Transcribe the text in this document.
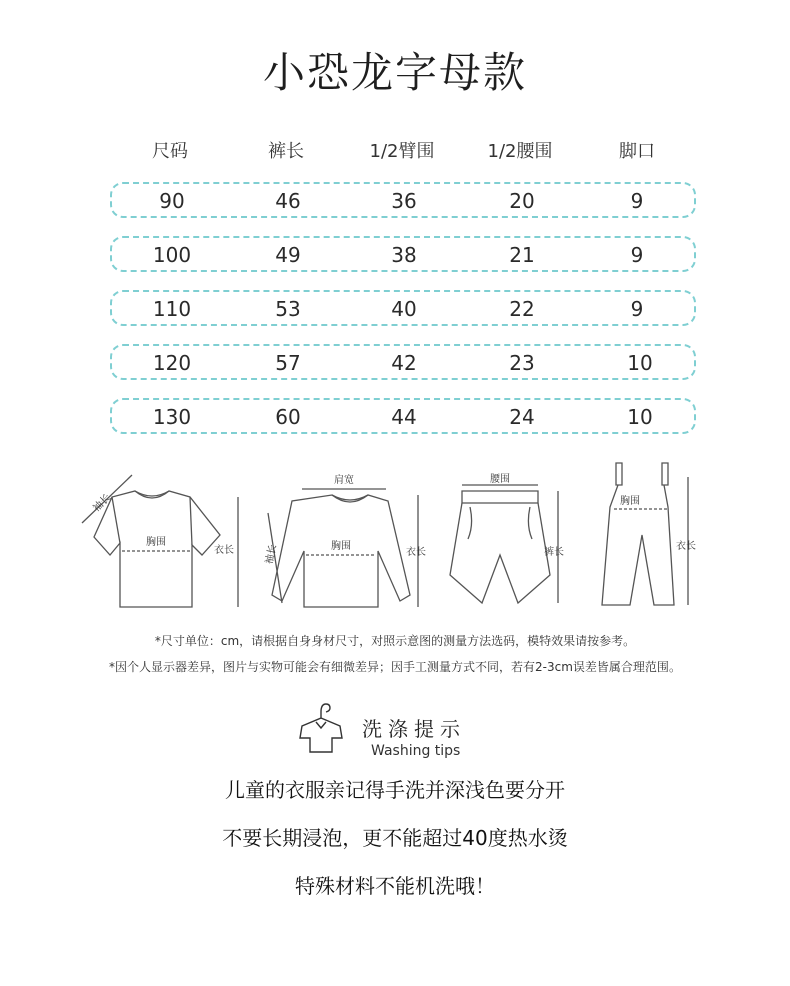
小恐龙字母款
尺码	裤长	1/2臂围	1/2腰围	脚口
90	46	36	20	9
100	49	38	21	9
110	53	40	22	9
120	57	42	23	10
130	60	44	24	10
胸围
袖长
衣长
肩宽
胸围
袖长	衣长
腰围
裤长
胸围
衣长
*尺寸单位：cm，请根据自身身材尺寸，对照示意图的测量方法选码，模特效果请按参考。
*因个人显示器差异，图片与实物可能会有细微差异；因手工测量方式不同，若有2-3cm误差皆属合理范围。
洗涤提示
Washing tips
儿童的衣服亲记得手洗并深浅色要分开
不要长期浸泡，更不能超过40度热水烫
特殊材料不能机洗哦！
